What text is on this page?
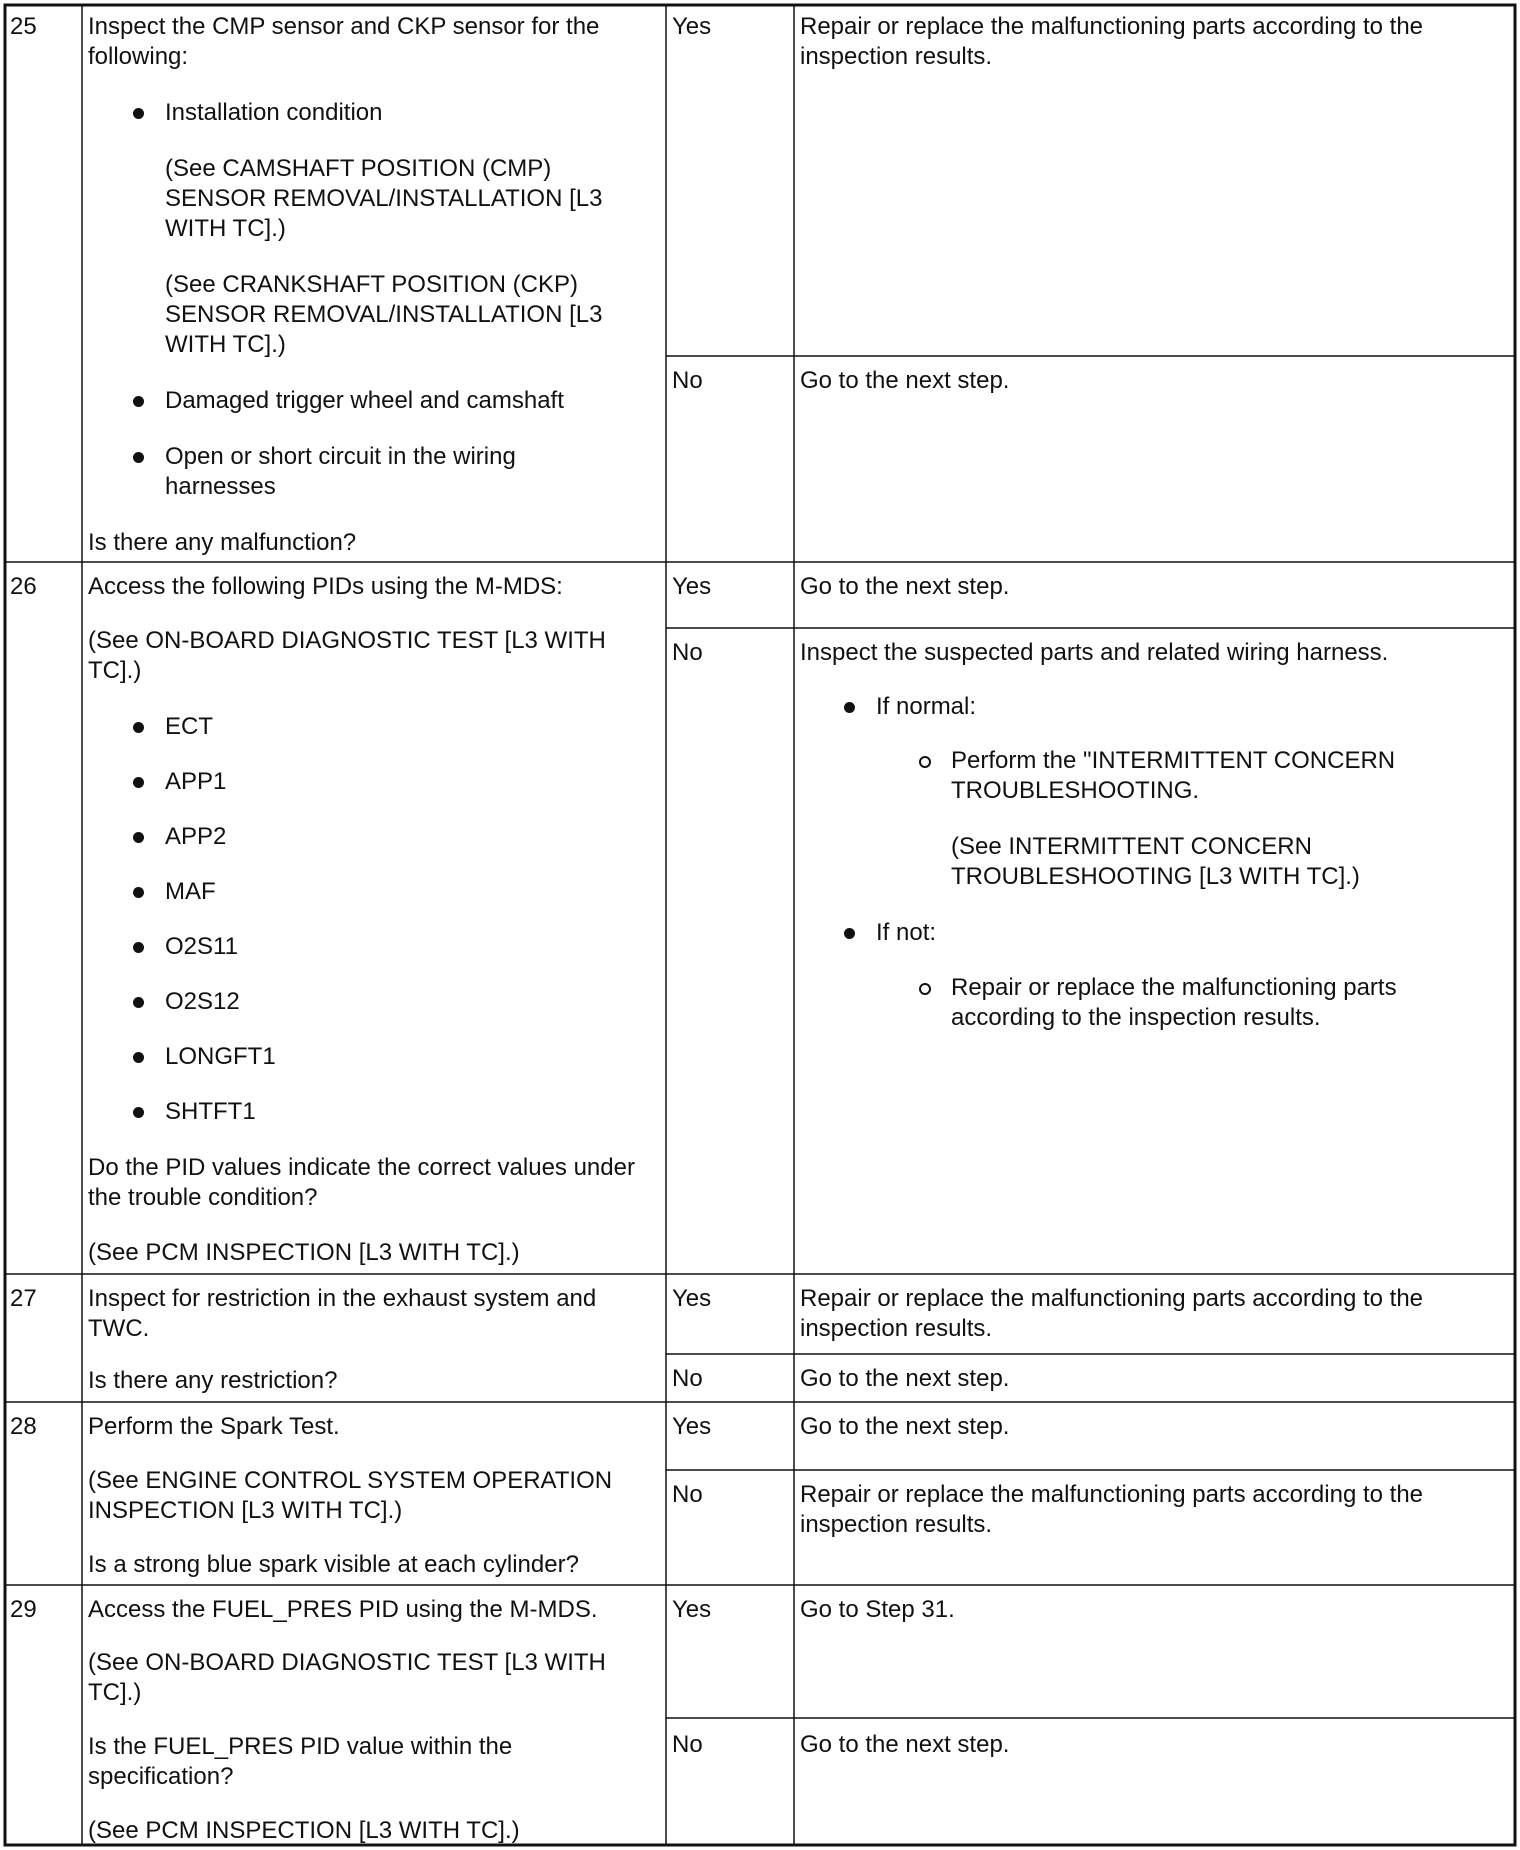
25 Inspect the CMP sensor and CKP sensor for the following:
Installation condition
(See CAMSHAFT POSITION (CMP) SENSOR REMOVAL/INSTALLATION [L3 WITH TC].)
(See CRANKSHAFT POSITION (CKP) SENSOR REMOVAL/INSTALLATION [L3 WITH TC].)
Damaged trigger wheel and camshaft
Open or short circuit in the wiring harnesses
Is there any malfunction?
Yes	Repair or replace the malfunctioning parts according to the inspection results.
No	Go to the next step.
26 Access the following PIDs using the M-MDS:
(See ON-BOARD DIAGNOSTIC TEST [L3 WITH TC].)
ECT
APP1
APP2
MAF
O2S11
O2S12
LONGFT1
SHTFT1
Do the PID values indicate the correct values under the trouble condition?
(See PCM INSPECTION [L3 WITH TC].)
Yes	Go to the next step.
No	Inspect the suspected parts and related wiring harness.
If normal:
Perform the "INTERMITTENT CONCERN TROUBLESHOOTING.
(See INTERMITTENT CONCERN TROUBLESHOOTING [L3 WITH TC].)
If not:
Repair or replace the malfunctioning parts according to the inspection results.
27 Inspect for restriction in the exhaust system and TWC.
Is there any restriction?
Yes	Repair or replace the malfunctioning parts according to the inspection results.
No	Go to the next step.
28 Perform the Spark Test.
(See ENGINE CONTROL SYSTEM OPERATION INSPECTION [L3 WITH TC].)
Is a strong blue spark visible at each cylinder?
Yes	Go to the next step.
No	Repair or replace the malfunctioning parts according to the inspection results.
29 Access the FUEL_PRES PID using the M-MDS.
(See ON-BOARD DIAGNOSTIC TEST [L3 WITH TC].)
Is the FUEL_PRES PID value within the specification?
(See PCM INSPECTION [L3 WITH TC].)
Yes	Go to Step 31.
No	Go to the next step.
